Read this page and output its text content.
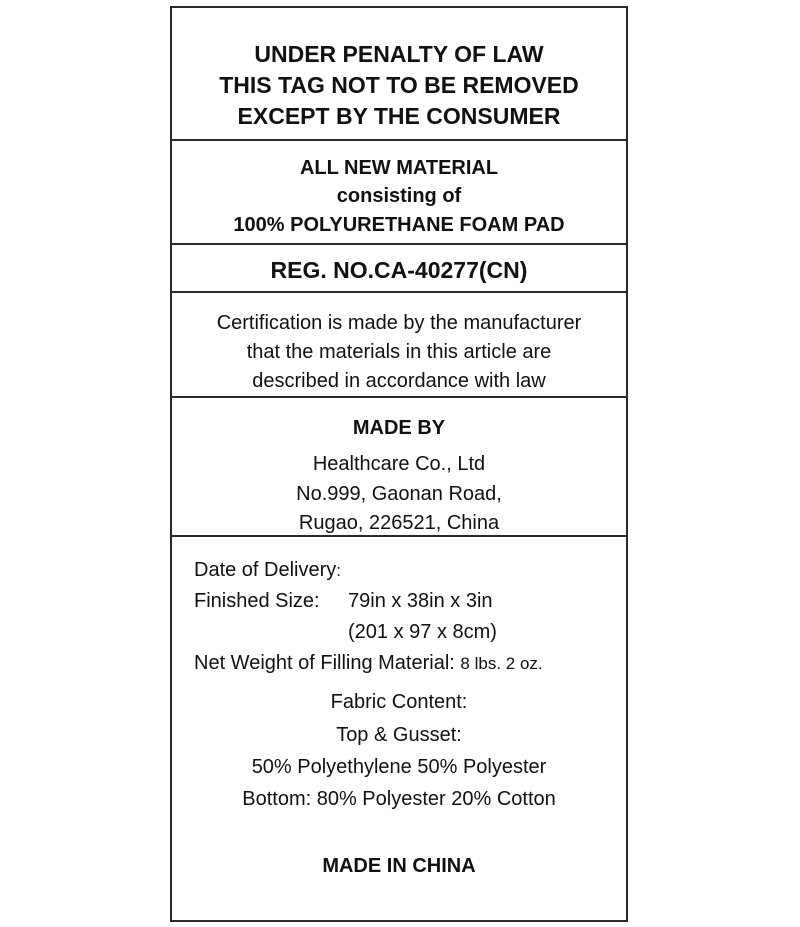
UNDER PENALTY OF LAW
THIS TAG NOT TO BE REMOVED
EXCEPT BY THE CONSUMER
ALL NEW MATERIAL
consisting of
100% POLYURETHANE FOAM PAD
REG. NO.CA-40277(CN)
Certification is made by the manufacturer
that the materials in this article are
described in accordance with law
MADE BY
Healthcare Co., Ltd
No.999, Gaonan Road,
Rugao, 226521, China
Date of Delivery:
Finished Size: 79in x 38in x 3in
(201 x 97 x 8cm)
Net Weight of Filling Material: 8 lbs. 2 oz.
Fabric Content:
Top & Gusset:
50% Polyethylene 50% Polyester
Bottom: 80% Polyester 20% Cotton
MADE IN CHINA
